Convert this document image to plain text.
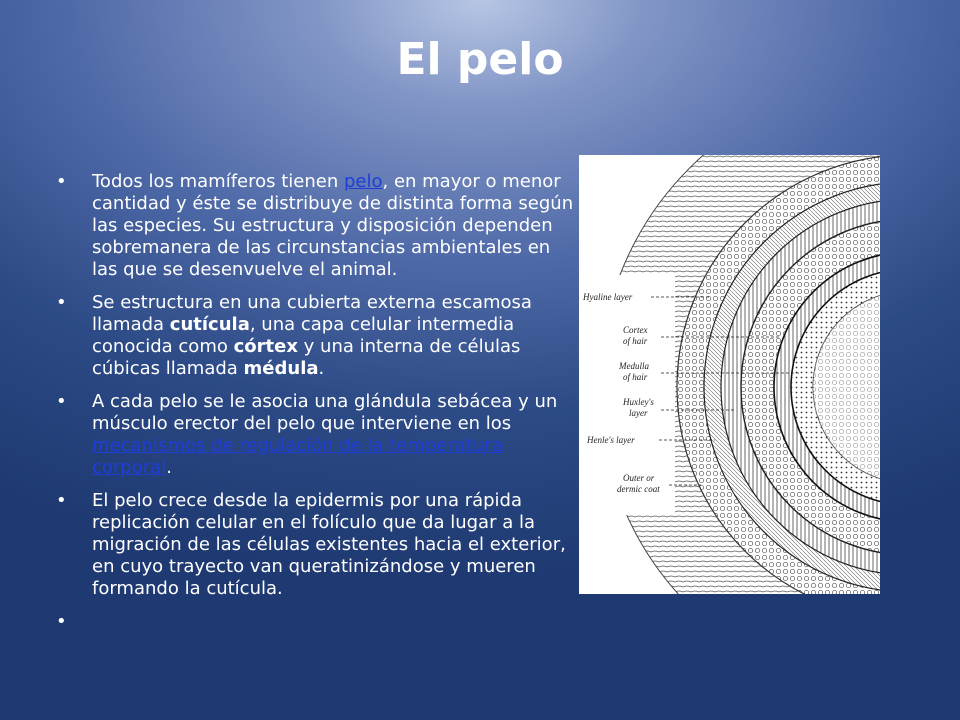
El pelo
• Todos los mamíferos tienen pelo, en mayor o menor cantidad y éste se distribuye de distinta forma según las especies. Su estructura y disposición dependen sobremanera de las circunstancias ambientales en las que se desenvuelve el animal.
• Se estructura en una cubierta externa escamosa llamada cutícula, una capa celular intermedia conocida como córtex y una interna de células cúbicas llamada médula.
• A cada pelo se le asocia una glándula sebácea y un músculo erector del pelo que interviene en los mecanismos de regulación de la temperatura corporal.
• El pelo crece desde la epidermis por una rápida replicación celular en el folículo que da lugar a la migración de las células existentes hacia el exterior, en cuyo trayecto van queratinizándose y mueren formando la cutícula.
Hyaline layer
Cortex
of hair
Medulla
of hair
Huxley's
layer
Henle's layer
Outer or
dermic coat
